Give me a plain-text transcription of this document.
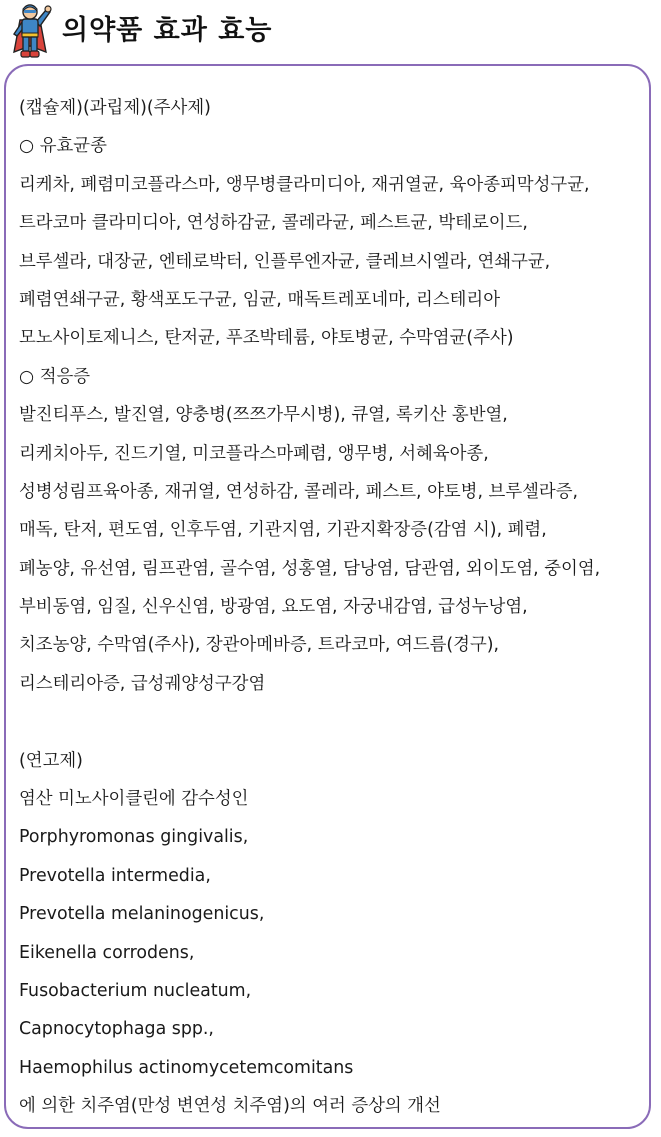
의약품 효과 효능
(캡슐제)(과립제)(주사제)
○ 유효균종
리케차, 폐렴미코플라스마, 앵무병클라미디아, 재귀열균, 육아종피막성구균,
트라코마 클라미디아, 연성하감균, 콜레라균, 페스트균, 박테로이드,
브루셀라, 대장균, 엔테로박터, 인플루엔자균, 클레브시엘라, 연쇄구균,
폐렴연쇄구균, 황색포도구균, 임균, 매독트레포네마, 리스테리아
모노사이토제니스, 탄저균, 푸조박테륨, 야토병균, 수막염균(주사)
○ 적응증
발진티푸스, 발진열, 양충병(쯔쯔가무시병), 큐열, 록키산 홍반열,
리케치아두, 진드기열, 미코플라스마폐렴, 앵무병, 서혜육아종,
성병성림프육아종, 재귀열, 연성하감, 콜레라, 페스트, 야토병, 브루셀라증,
매독, 탄저, 편도염, 인후두염, 기관지염, 기관지확장증(감염 시), 폐렴,
폐농양, 유선염, 림프관염, 골수염, 성홍열, 담낭염, 담관염, 외이도염, 중이염,
부비동염, 임질, 신우신염, 방광염, 요도염, 자궁내감염, 급성누낭염,
치조농양, 수막염(주사), 장관아메바증, 트라코마, 여드름(경구),
리스테리아증, 급성궤양성구강염
(연고제)
염산 미노사이클린에 감수성인
Porphyromonas gingivalis,
Prevotella intermedia,
Prevotella melaninogenicus,
Eikenella corrodens,
Fusobacterium nucleatum,
Capnocytophaga spp.,
Haemophilus actinomycetemcomitans
에 의한 치주염(만성 변연성 치주염)의 여러 증상의 개선
